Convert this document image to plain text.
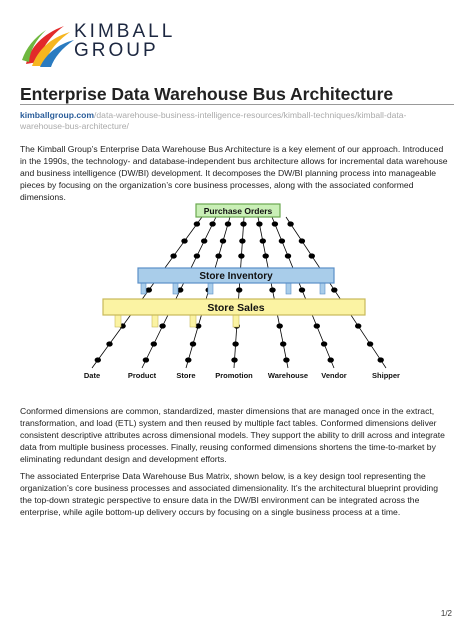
KIMBALL
GROUP
Enterprise Data Warehouse Bus Architecture
kimballgroup.com/data-warehouse-business-intelligence-resources/kimball-techniques/kimball-data-warehouse-bus-architecture/

The Kimball Group’s Enterprise Data Warehouse Bus Architecture is a key element of our approach. Introduced in the 1990s, the technology- and database-independent bus architecture allows for incremental data warehouse and business intelligence (DW/BI) development. It decomposes the DW/BI planning process into manageable pieces by focusing on the organization’s core business processes, along with the associated conformed dimensions.

Purchase Orders
Store Inventory
Store Sales
Date	Product	Store	Promotion Warehouse Vendor	Shipper

Conformed dimensions are common, standardized, master dimensions that are managed once in the extract, transformation, and load (ETL) system and then reused by multiple fact tables. Conformed dimensions deliver consistent descriptive attributes across dimensional models. They support the ability to drill across and integrate data from multiple business processes. Finally, reusing conformed dimensions shortens the time-to-market by eliminating redundant design and development efforts.

The associated Enterprise Data Warehouse Bus Matrix, shown below, is a key design tool representing the organization’s core business processes and associated dimensionality. It’s the architectural blueprint providing the top-down strategic perspective to ensure data in the DW/BI environment can be integrated across the enterprise, while agile bottom-up delivery occurs by focusing on a single business process at a time.

1/2
